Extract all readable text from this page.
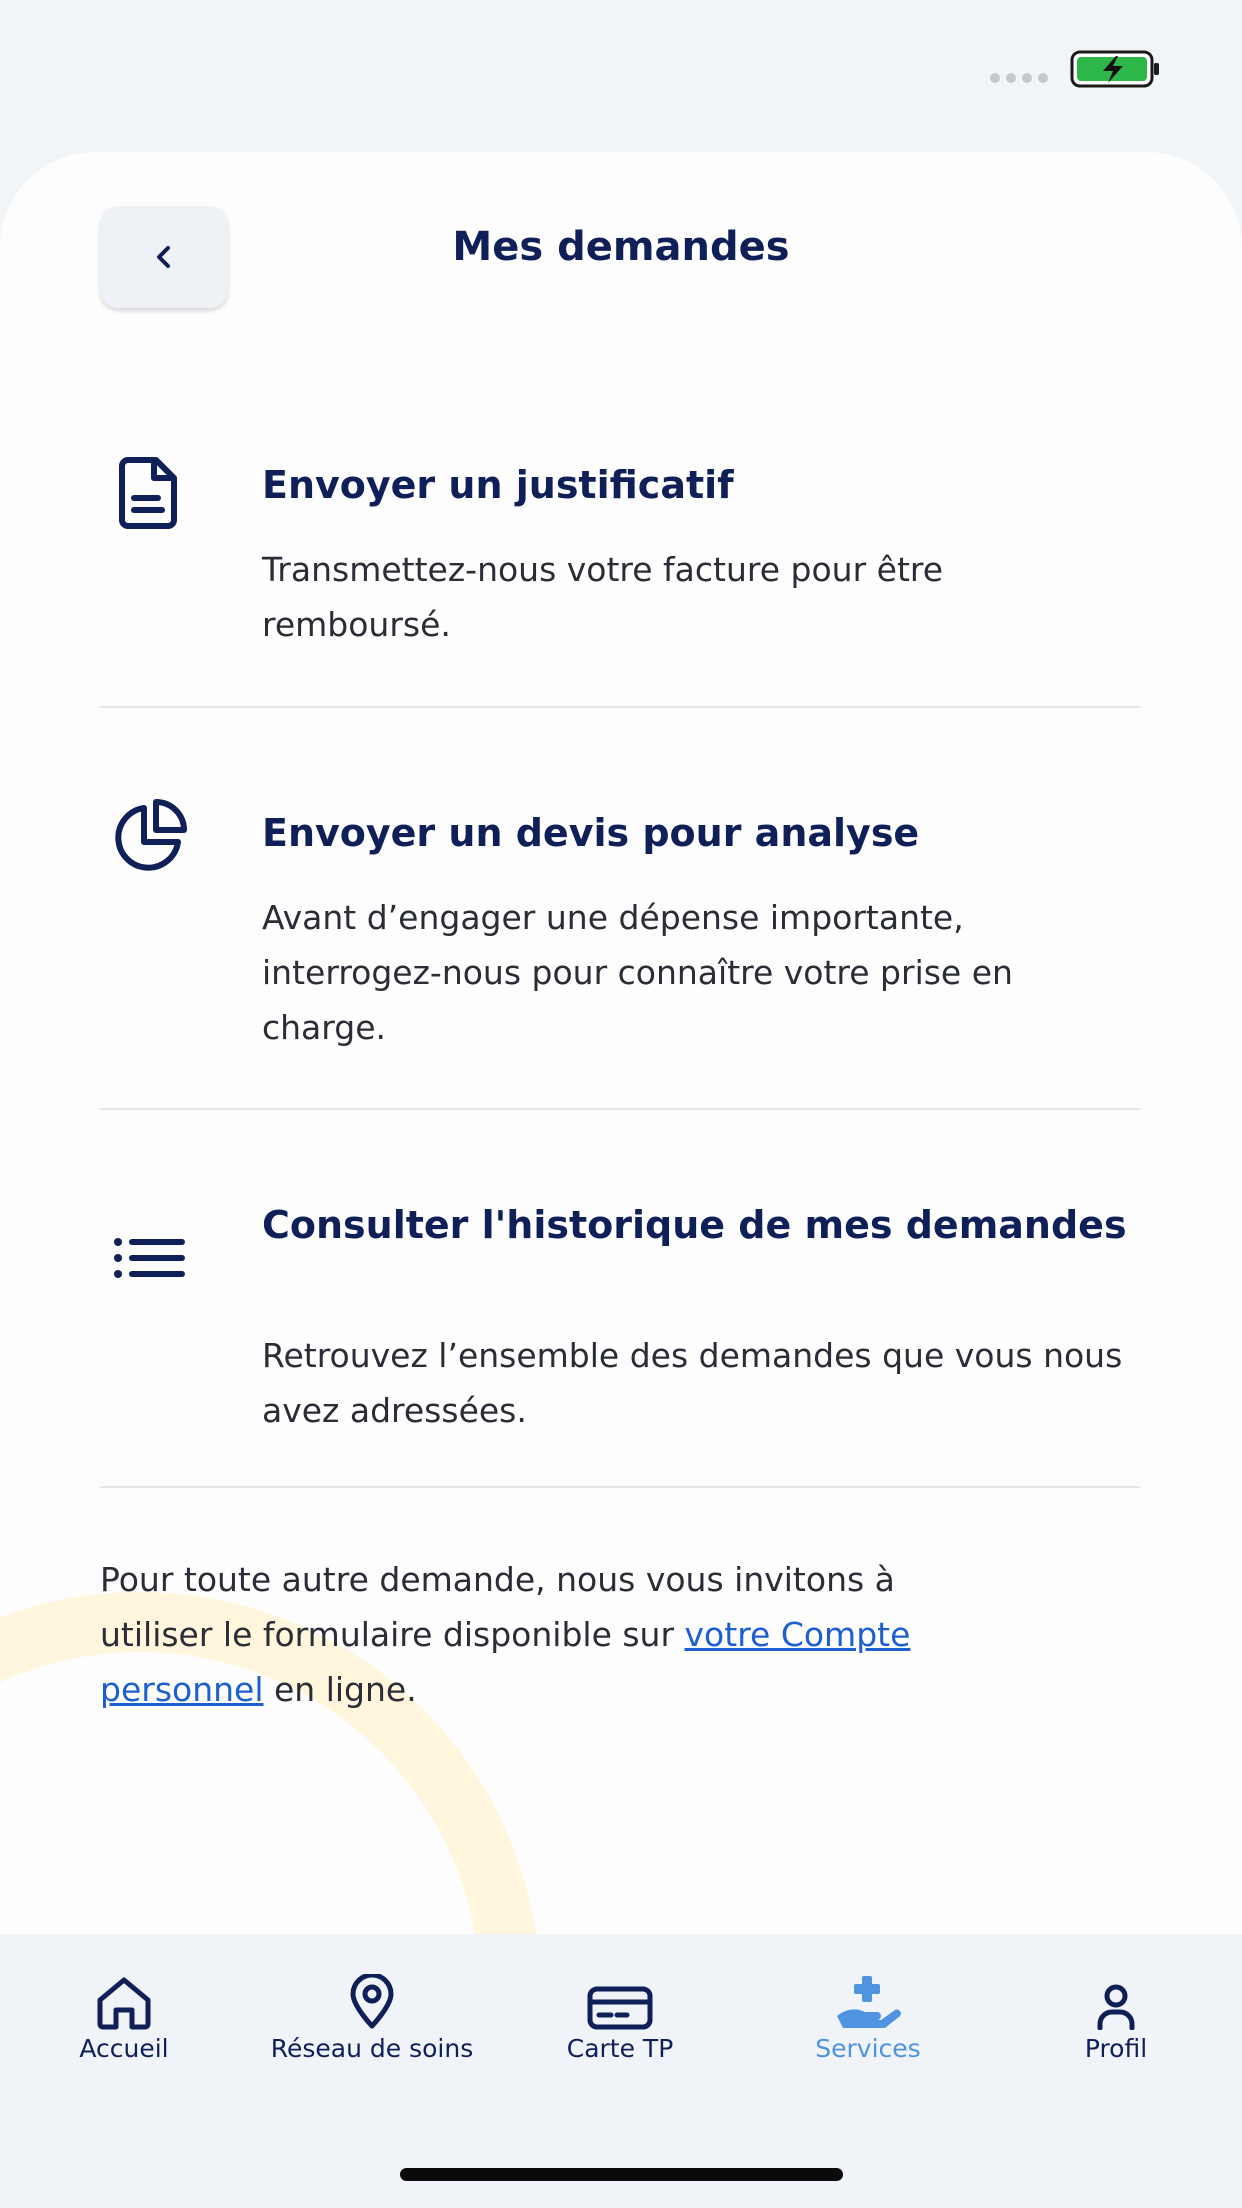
Mes demandes
Envoyer un justificatif
Transmettez-nous votre facture pour être remboursé.
Envoyer un devis pour analyse
Avant d’engager une dépense importante, interrogez-nous pour connaître votre prise en charge.
Consulter l'historique de mes demandes
Retrouvez l’ensemble des demandes que vous nous avez adressées.
Pour toute autre demande, nous vous invitons à utiliser le formulaire disponible sur votre Compte personnel en ligne.
Accueil	Réseau de soins	Carte TP	Services	Profil
